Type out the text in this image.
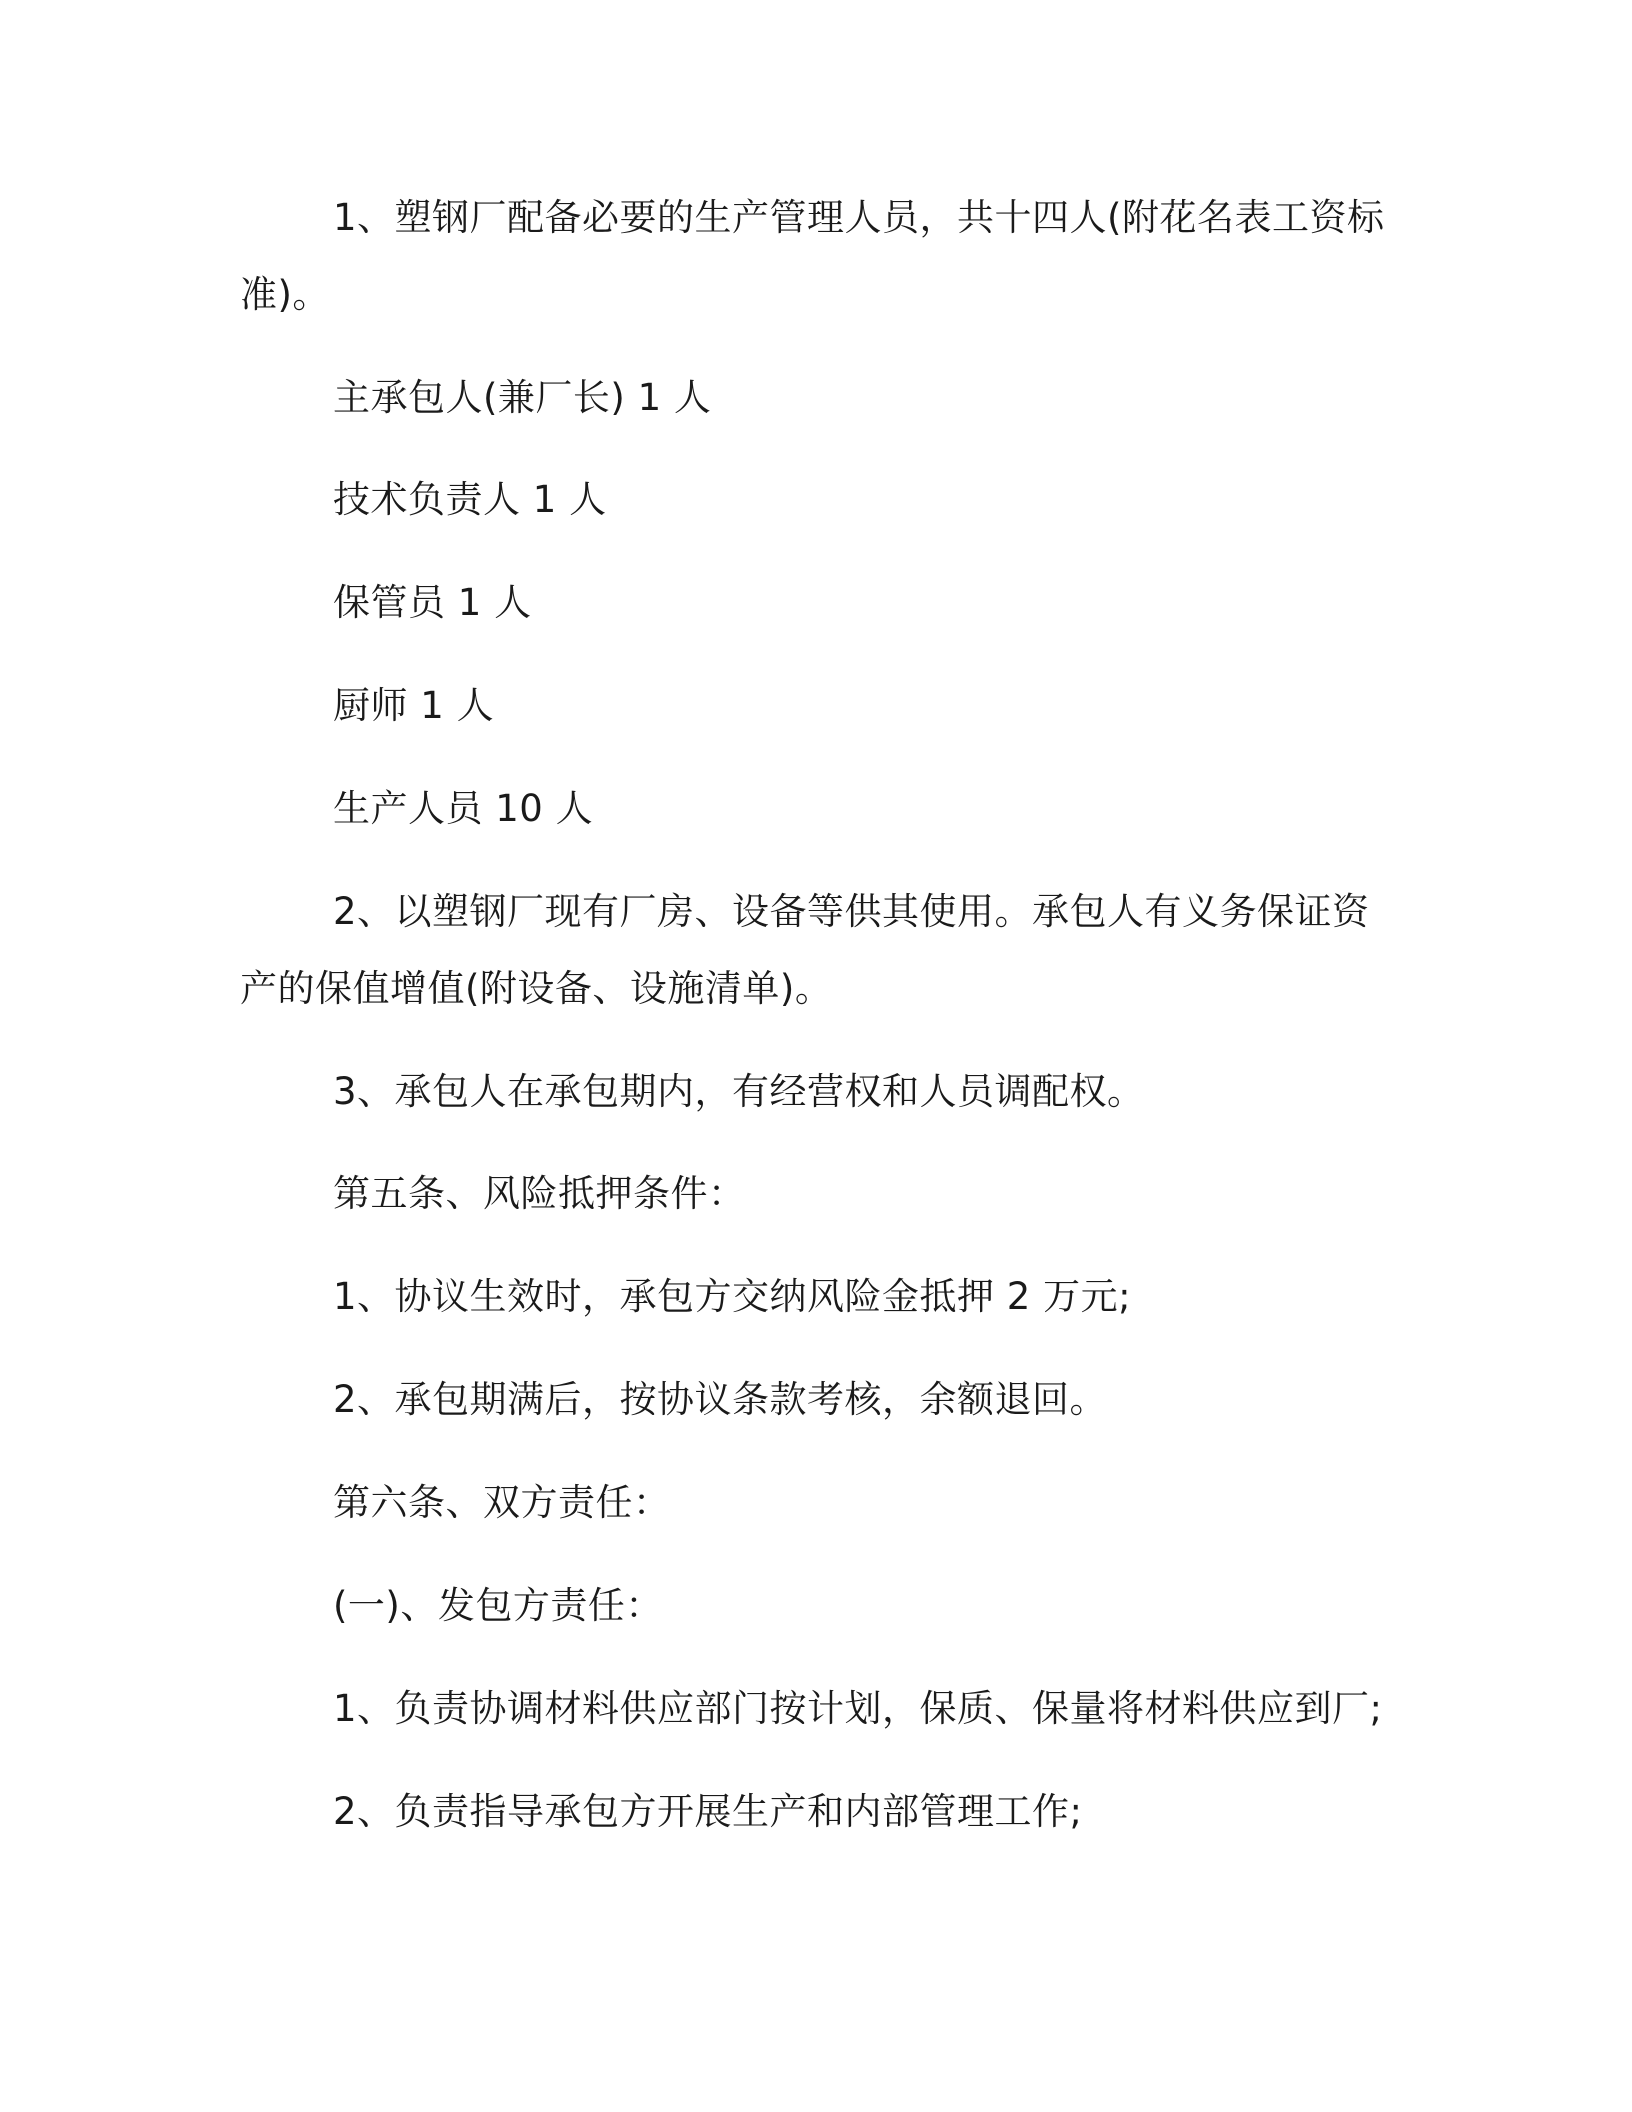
1、塑钢厂配备必要的生产管理人员，共十四人(附花名表工资标
准)。
主承包人(兼厂长) 1 人
技术负责人 1 人
保管员 1 人
厨师 1 人
生产人员 10 人
2、以塑钢厂现有厂房、设备等供其使用。承包人有义务保证资
产的保值增值(附设备、设施清单)。
3、承包人在承包期内，有经营权和人员调配权。
第五条、风险抵押条件：
1、协议生效时，承包方交纳风险金抵押 2 万元;
2、承包期满后，按协议条款考核，余额退回。
第六条、双方责任：
(一)、发包方责任：
1、负责协调材料供应部门按计划，保质、保量将材料供应到厂;
2、负责指导承包方开展生产和内部管理工作;
